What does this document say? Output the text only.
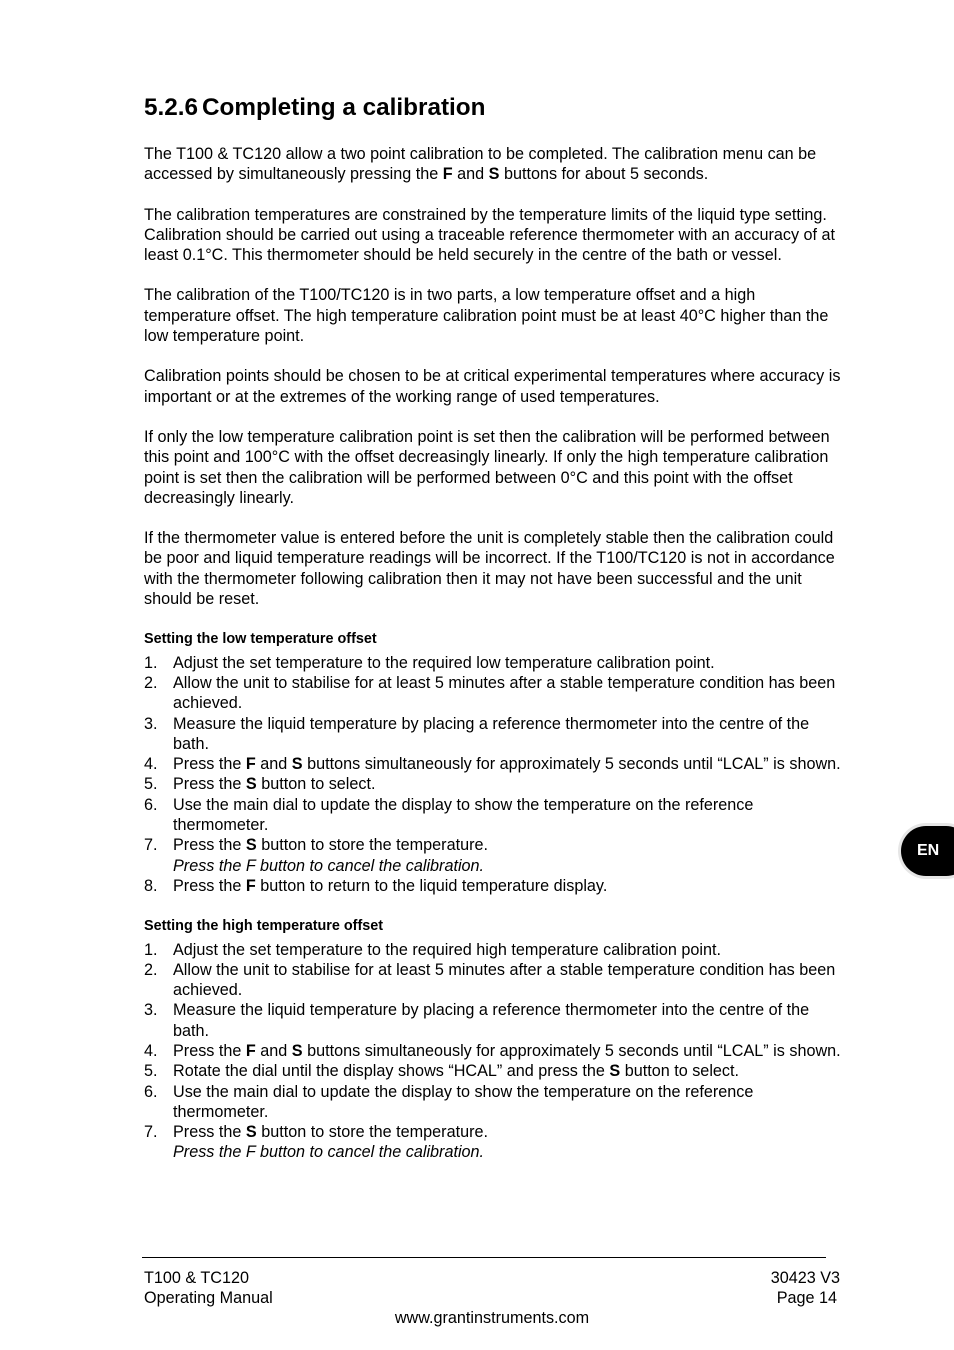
5.2.6 Completing a calibration

The T100 & TC120 allow a two point calibration to be completed. The calibration menu can be accessed by simultaneously pressing the F and S buttons for about 5 seconds.

The calibration temperatures are constrained by the temperature limits of the liquid type setting. Calibration should be carried out using a traceable reference thermometer with an accuracy of at least 0.1°C. This thermometer should be held securely in the centre of the bath or vessel.

The calibration of the T100/TC120 is in two parts, a low temperature offset and a high temperature offset. The high temperature calibration point must be at least 40°C higher than the low temperature point.

Calibration points should be chosen to be at critical experimental temperatures where accuracy is important or at the extremes of the working range of used temperatures.

If only the low temperature calibration point is set then the calibration will be performed between this point and 100°C with the offset decreasingly linearly. If only the high temperature calibration point is set then the calibration will be performed between 0°C and this point with the offset decreasingly linearly.

If the thermometer value is entered before the unit is completely stable then the calibration could be poor and liquid temperature readings will be incorrect. If the T100/TC120 is not in accordance with the thermometer following calibration then it may not have been successful and the unit should be reset.

Setting the low temperature offset
1. Adjust the set temperature to the required low temperature calibration point.
2. Allow the unit to stabilise for at least 5 minutes after a stable temperature condition has been achieved.
3. Measure the liquid temperature by placing a reference thermometer into the centre of the bath.
4. Press the F and S buttons simultaneously for approximately 5 seconds until “LCAL” is shown.
5. Press the S button to select.
6. Use the main dial to update the display to show the temperature on the reference thermometer.
7. Press the S button to store the temperature.
Press the F button to cancel the calibration.
8. Press the F button to return to the liquid temperature display.
Setting the high temperature offset
1. Adjust the set temperature to the required high temperature calibration point.
2. Allow the unit to stabilise for at least 5 minutes after a stable temperature condition has been achieved.
3. Measure the liquid temperature by placing a reference thermometer into the centre of the bath.
4. Press the F and S buttons simultaneously for approximately 5 seconds until “LCAL” is shown.
5. Rotate the dial until the display shows “HCAL” and press the S button to select.
6. Use the main dial to update the display to show the temperature on the reference thermometer.
7. Press the S button to store the temperature.
Press the F button to cancel the calibration.
EN
T100 & TC120
Operating Manual
30423 V3
Page 14
www.grantinstruments.com
